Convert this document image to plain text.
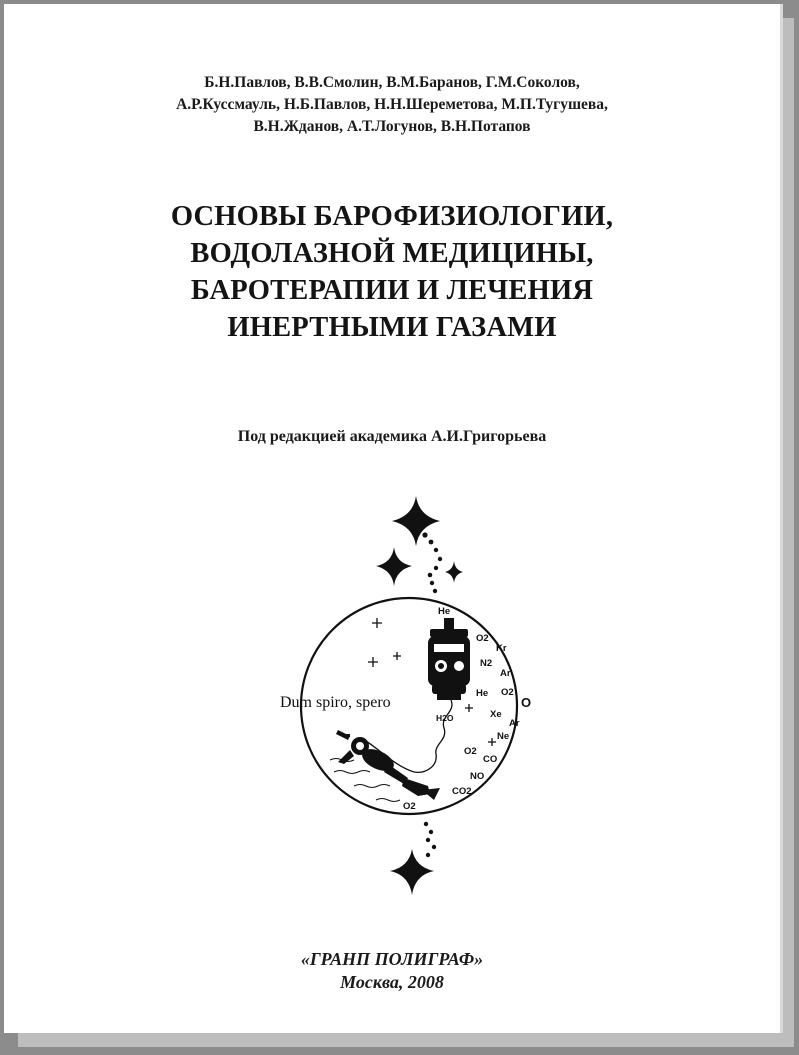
Б.Н.Павлов, В.В.Смолин, В.М.Баранов, Г.М.Соколов,
А.Р.Куссмауль, Н.Б.Павлов, Н.Н.Шереметова, М.П.Тугушева,
В.Н.Жданов, А.Т.Логунов, В.Н.Потапов
ОСНОВЫ БАРОФИЗИОЛОГИИ,
ВОДОЛАЗНОЙ МЕДИЦИНЫ,
БАРОТЕРАПИИ И ЛЕЧЕНИЯ
ИНЕРТНЫМИ ГАЗАМИ
Под редакцией академика А.И.Григорьева
Dum spiro, spero
He
O2
Kr
N2
Ar
He O2
O
H2O	Xe
Ar
Ne
O2
CO
NO
CO2
O2
«ГРАНП ПОЛИГРАФ»
Москва, 2008
